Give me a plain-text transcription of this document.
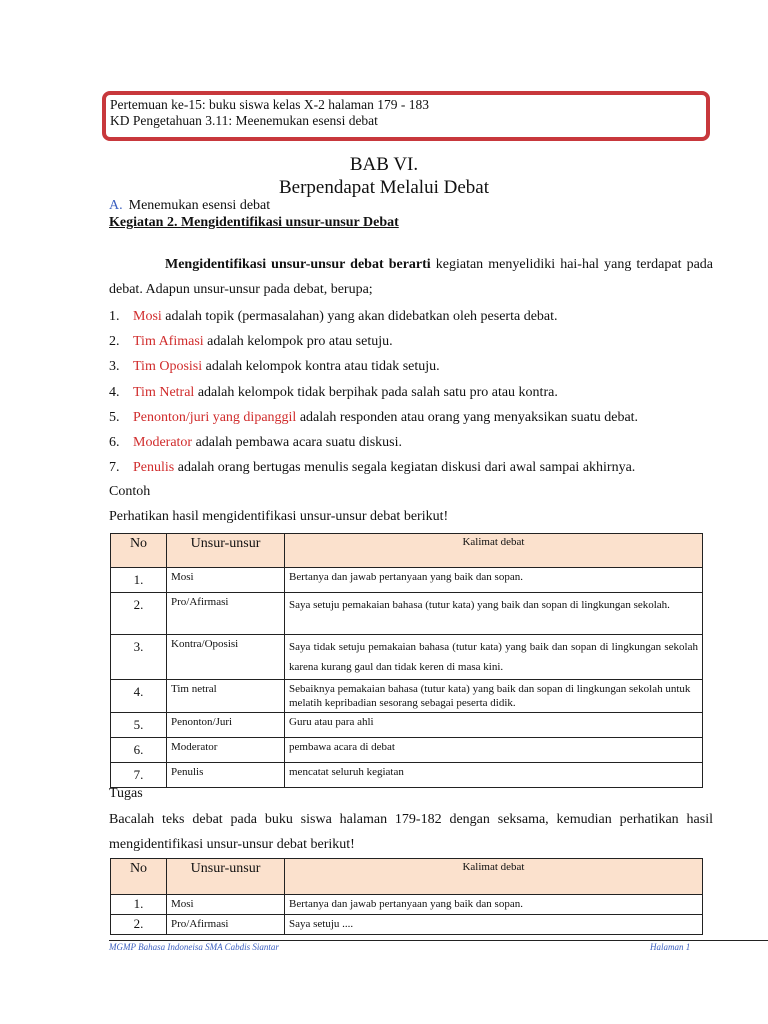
Pertemuan ke-15: buku siswa kelas X-2 halaman 179 - 183
KD Pengetahuan 3.11: Meenemukan esensi debat
BAB VI.
Berpendapat Melalui Debat
A. Menemukan esensi debat
Kegiatan 2. Mengidentifikasi unsur-unsur Debat
Mengidentifikasi unsur-unsur debat berarti kegiatan menyelidiki hai-hal yang terdapat pada debat. Adapun unsur-unsur pada debat, berupa;
1. Mosi adalah topik (permasalahan) yang akan didebatkan oleh peserta debat.
2. Tim Afimasi adalah kelompok pro atau setuju.
3. Tim Oposisi adalah kelompok kontra atau tidak setuju.
4. Tim Netral adalah kelompok tidak berpihak pada salah satu pro atau kontra.
5. Penonton/juri yang dipanggil adalah responden atau orang yang menyaksikan suatu debat.
6. Moderator adalah pembawa acara suatu diskusi.
7. Penulis adalah orang bertugas menulis segala kegiatan diskusi dari awal sampai akhirnya.
Contoh
Perhatikan hasil mengidentifikasi unsur-unsur debat berikut!
No	Unsur-unsur	Kalimat debat
1.	Mosi	Bertanya dan jawab pertanyaan yang baik dan sopan.
2.	Pro/Afirmasi	Saya setuju pemakaian bahasa (tutur kata) yang baik dan sopan di lingkungan sekolah.
3.	Kontra/Oposisi	Saya tidak setuju pemakaian bahasa (tutur kata) yang baik dan sopan di lingkungan sekolah karena kurang gaul dan tidak keren di masa kini.
4.	Tim netral	Sebaiknya pemakaian bahasa (tutur kata) yang baik dan sopan di lingkungan sekolah untuk melatih kepribadian sesorang sebagai peserta didik.
5.	Penonton/Juri	Guru atau para ahli
6.	Moderator	pembawa acara di debat
7.	Penulis	mencatat seluruh kegiatan
Tugas
Bacalah teks debat pada buku siswa halaman 179-182 dengan seksama, kemudian perhatikan hasil mengidentifikasi unsur-unsur debat berikut!
No	Unsur-unsur	Kalimat debat
1.	Mosi	Bertanya dan jawab pertanyaan yang baik dan sopan.
2.	Pro/Afirmasi	Saya setuju ....
MGMP Bahasa Indoneisa SMA Cabdis Siantar	Halaman 1
